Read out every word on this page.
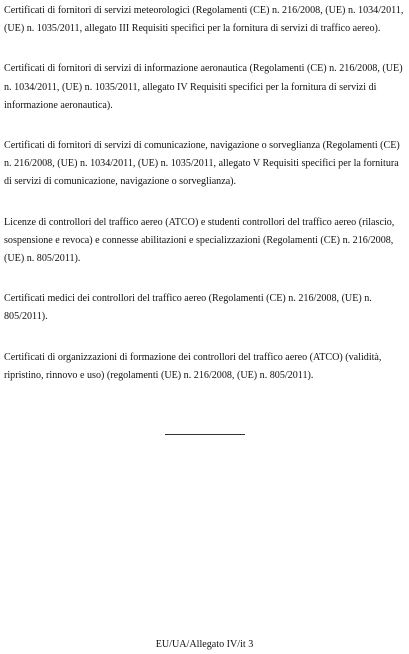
Certificati di fornitori di servizi meteorologici (Regolamenti (CE) n. 216/2008, (UE) n. 1034/2011, (UE) n. 1035/2011, allegato III Requisiti specifici per la fornitura di servizi di traffico aereo).

Certificati di fornitori di servizi di informazione aeronautica (Regolamenti (CE) n. 216/2008, (UE) n. 1034/2011, (UE) n. 1035/2011, allegato IV Requisiti specifici per la fornitura di servizi di informazione aeronautica).

Certificati di fornitori di servizi di comunicazione, navigazione o sorveglianza (Regolamenti (CE) n. 216/2008, (UE) n. 1034/2011, (UE) n. 1035/2011, allegato V Requisiti specifici per la fornitura di servizi di comunicazione, navigazione o sorveglianza).

Licenze di controllori del traffico aereo (ATCO) e studenti controllori del traffico aereo (rilascio, sospensione e revoca) e connesse abilitazioni e specializzazioni (Regolamenti (CE) n. 216/2008, (UE) n. 805/2011).

Certificati medici dei controllori del traffico aereo (Regolamenti (CE) n. 216/2008, (UE) n. 805/2011).

Certificati di organizzazioni di formazione dei controllori del traffico aereo (ATCO) (validità, ripristino, rinnovo e uso) (regolamenti (UE) n. 216/2008, (UE) n. 805/2011).

EU/UA/Allegato IV/it 3
